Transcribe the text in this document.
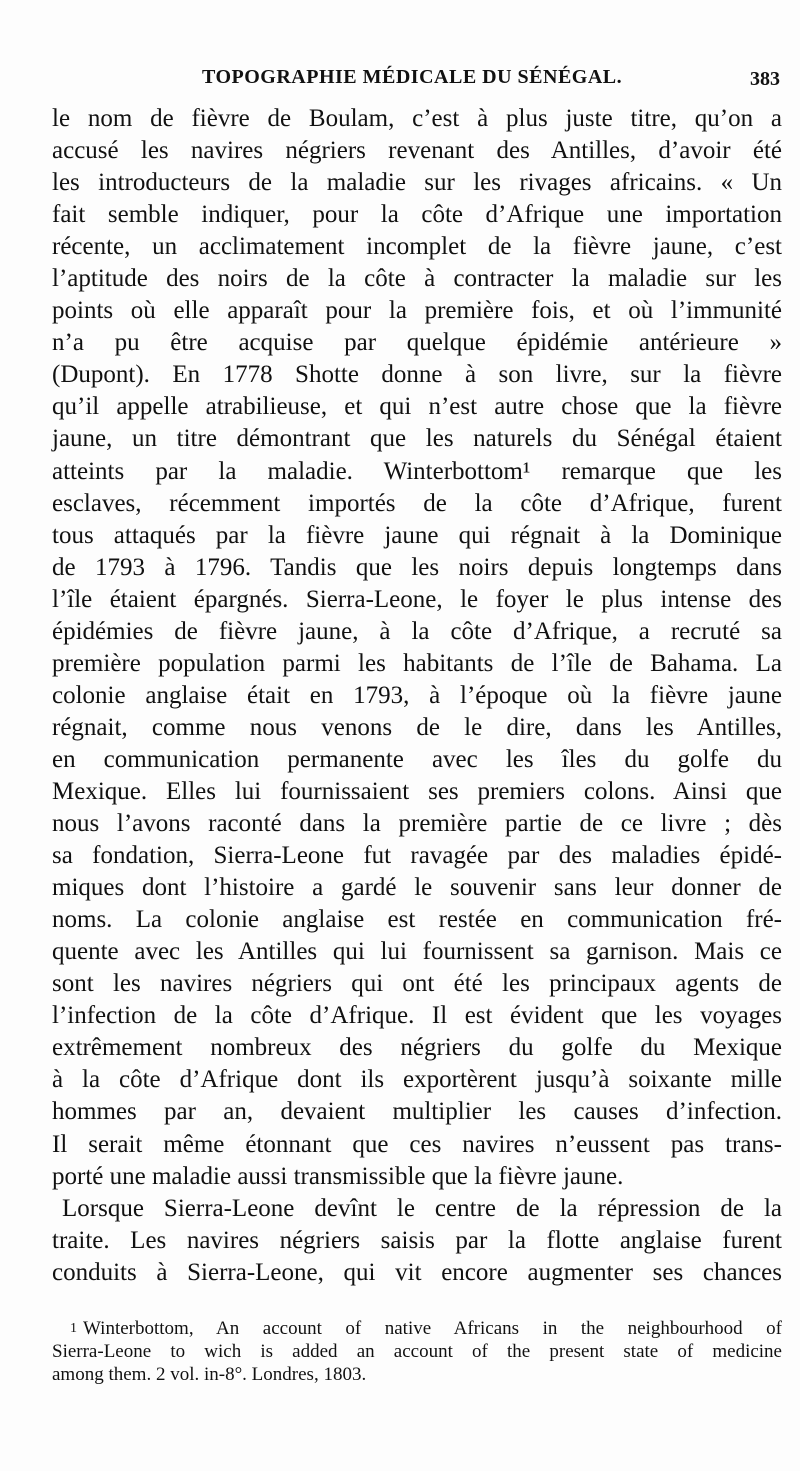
TOPOGRAPHIE MÉDICALE DU SÉNÉGAL.	383
le nom de fièvre de Boulam, c’est à plus juste titre, qu’on a
accusé les navires négriers revenant des Antilles, d’avoir été
les introducteurs de la maladie sur les rivages africains. « Un
fait semble indiquer, pour la côte d’Afrique une importation
récente, un acclimatement incomplet de la fièvre jaune, c’est
l’aptitude des noirs de la côte à contracter la maladie sur les
points où elle apparaît pour la première fois, et où l’immunité
n’a pu être acquise par quelque épidémie antérieure »
(Dupont). En 1778 Shotte donne à son livre, sur la fièvre
qu’il appelle atrabilieuse, et qui n’est autre chose que la fièvre
jaune, un titre démontrant que les naturels du Sénégal étaient
atteints par la maladie. Winterbottom¹ remarque que les
esclaves, récemment importés de la côte d’Afrique, furent
tous attaqués par la fièvre jaune qui régnait à la Dominique
de 1793 à 1796. Tandis que les noirs depuis longtemps dans
l’île étaient épargnés. Sierra-Leone, le foyer le plus intense des
épidémies de fièvre jaune, à la côte d’Afrique, a recruté sa
première population parmi les habitants de l’île de Bahama. La
colonie anglaise était en 1793, à l’époque où la fièvre jaune
régnait, comme nous venons de le dire, dans les Antilles,
en communication permanente avec les îles du golfe du
Mexique. Elles lui fournissaient ses premiers colons. Ainsi que
nous l’avons raconté dans la première partie de ce livre ; dès
sa fondation, Sierra-Leone fut ravagée par des maladies épidé-
miques dont l’histoire a gardé le souvenir sans leur donner de
noms. La colonie anglaise est restée en communication fré-
quente avec les Antilles qui lui fournissent sa garnison. Mais ce
sont les navires négriers qui ont été les principaux agents de
l’infection de la côte d’Afrique. Il est évident que les voyages
extrêmement nombreux des négriers du golfe du Mexique
à la côte d’Afrique dont ils exportèrent jusqu’à soixante mille
hommes par an, devaient multiplier les causes d’infection.
Il serait même étonnant que ces navires n’eussent pas trans-
porté une maladie aussi transmissible que la fièvre jaune.
Lorsque Sierra-Leone devînt le centre de la répression de la
traite. Les navires négriers saisis par la flotte anglaise furent
conduits à Sierra-Leone, qui vit encore augmenter ses chances
$^1$ Winterbottom, An account of native Africans in the neighbourhood of
Sierra-Leone to wich is added an account of the present state of medicine
among them. 2 vol. in-8°. Londres, 1803.
